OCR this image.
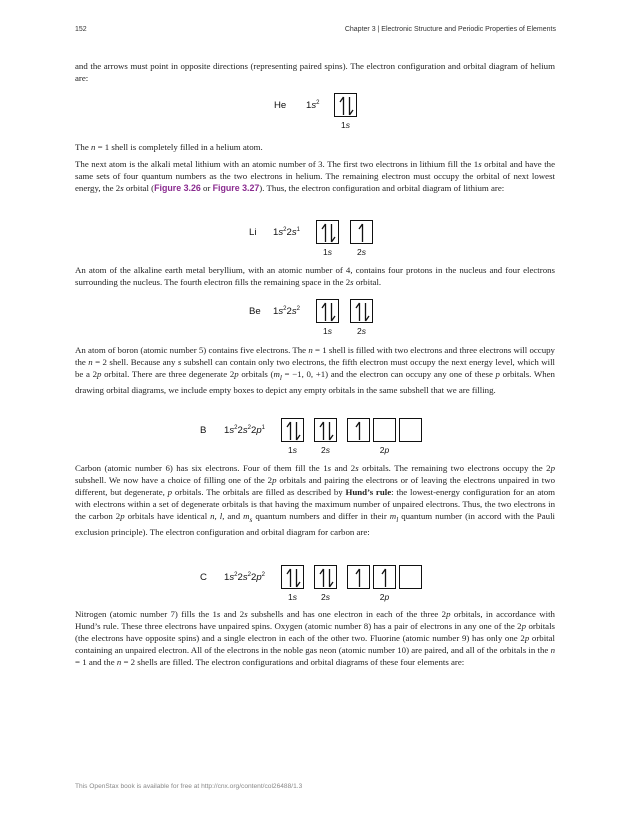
152	Chapter 3 | Electronic Structure and Periodic Properties of Elements

and the arrows must point in opposite directions (representing paired spins). The electron configuration and orbital diagram of helium are:

He $1s^2$
1s

The n = 1 shell is completely filled in a helium atom.

The next atom is the alkali metal lithium with an atomic number of 3. The first two electrons in lithium fill the 1s orbital and have the same sets of four quantum numbers as the two electrons in helium. The remaining electron must occupy the orbital of next lowest energy, the 2s orbital (Figure 3.26 or Figure 3.27). Thus, the electron configuration and orbital diagram of lithium are:

Li $1s^22s^1$
1s	2s

An atom of the alkaline earth metal beryllium, with an atomic number of 4, contains four protons in the nucleus and four electrons surrounding the nucleus. The fourth electron fills the remaining space in the 2s orbital.

Be $1s^22s^2$
1s	2s

An atom of boron (atomic number 5) contains five electrons. The n = 1 shell is filled with two electrons and three electrons will occupy the n = 2 shell. Because any s subshell can contain only two electrons, the fifth electron must occupy the next energy level, which will be a 2p orbital. There are three degenerate 2p orbitals ($m_l = -1$, 0, +1) and the electron can occupy any one of these p orbitals. When drawing orbital diagrams, we include empty boxes to depict any empty orbitals in the same subshell that we are filling.

B $1s^22s^22p^1$
1s	2s	2p

Carbon (atomic number 6) has six electrons. Four of them fill the 1s and 2s orbitals. The remaining two electrons occupy the 2p subshell. We now have a choice of filling one of the 2p orbitals and pairing the electrons or of leaving the electrons unpaired in two different, but degenerate, p orbitals. The orbitals are filled as described by Hund’s rule: the lowest-energy configuration for an atom with electrons within a set of degenerate orbitals is that having the maximum number of unpaired electrons. Thus, the two electrons in the carbon 2p orbitals have identical n, l, and $m_s$ quantum numbers and differ in their $m_l$ quantum number (in accord with the Pauli exclusion principle). The electron configuration and orbital diagram for carbon are:

C $1s^22s^22p^2$
1s	2s	2p

Nitrogen (atomic number 7) fills the 1s and 2s subshells and has one electron in each of the three 2p orbitals, in accordance with Hund’s rule. These three electrons have unpaired spins. Oxygen (atomic number 8) has a pair of electrons in any one of the 2p orbitals (the electrons have opposite spins) and a single electron in each of the other two. Fluorine (atomic number 9) has only one 2p orbital containing an unpaired electron. All of the electrons in the noble gas neon (atomic number 10) are paired, and all of the orbitals in the n = 1 and the n = 2 shells are filled. The electron configurations and orbital diagrams of these four elements are:

This OpenStax book is available for free at http://cnx.org/content/col26488/1.3
